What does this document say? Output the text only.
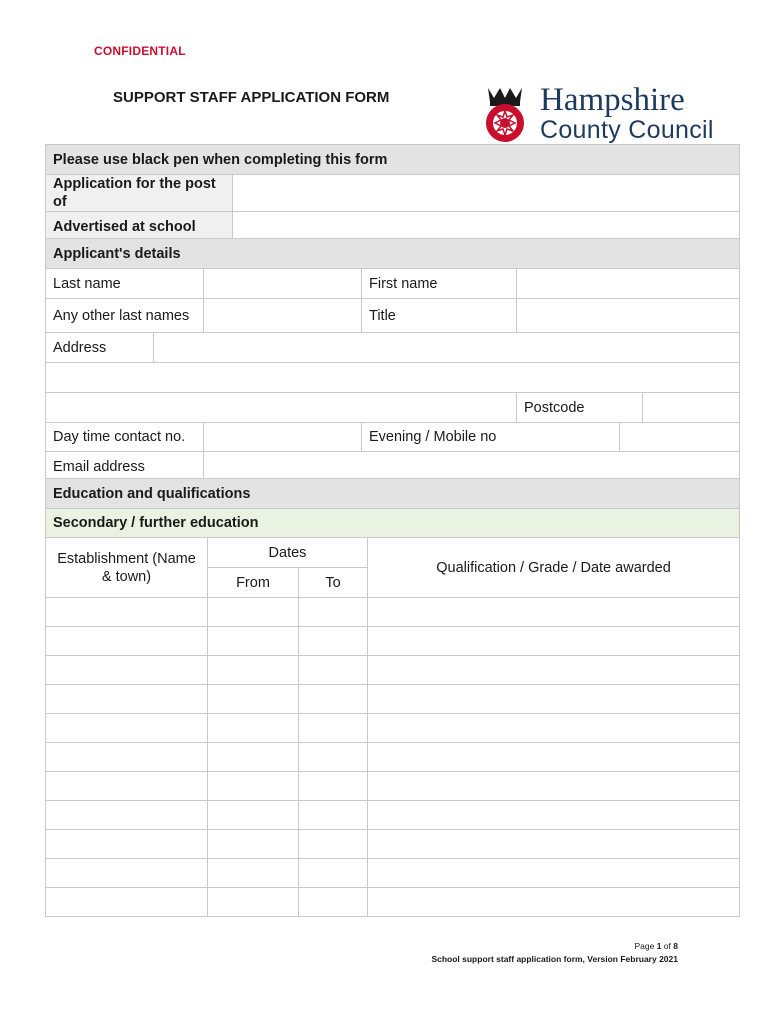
CONFIDENTIAL
SUPPORT STAFF APPLICATION FORM	Hampshire
County Council
Please use black pen when completing this form	
Application for the post of	
Advertised at school	
Applicant's details						
Last name			First name			
Any other last names			Title			
Address						

				Postcode		
Day time contact no.			Evening / Mobile no			
Email address						
Education and qualifications			
Secondary / further education			
Establishment (Name & town)	Dates		Qualification / Grade / Date awarded
	From	To	

Page 1 of 8
School support staff application form, Version February 2021
